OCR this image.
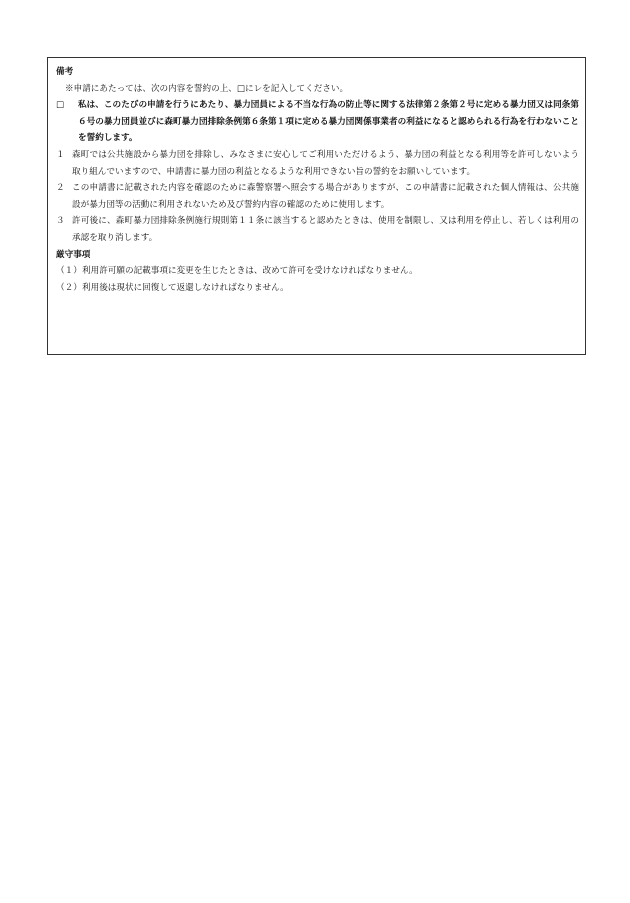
備考
※申請にあたっては、次の内容を誓約の上、□にレを記入してください。
□	私は、このたびの申請を行うにあたり、暴力団員による不当な行為の防止等に関する法律第２条第２号に定める暴力団又は同条第６号の暴力団員並びに森町暴力団排除条例第６条第１項に定める暴力団関係事業者の利益になると認められる行為を行わないことを誓約します。
１ 森町では公共施設から暴力団を排除し、みなさまに安心してご利用いただけるよう、暴力団の利益となる利用等を許可しないよう取り組んでいますので、申請書に暴力団の利益となるような利用できない旨の誓約をお願いしています。
２ この申請書に記載された内容を確認のために森警察署へ照会する場合がありますが、この申請書に記載された個人情報は、公共施設が暴力団等の活動に利用されないため及び誓約内容の確認のために使用します。
３ 許可後に、森町暴力団排除条例施行規則第１１条に該当すると認めたときは、使用を制限し、又は利用を停止し、若しくは利用の承認を取り消します。
厳守事項
（１） 利用許可願の記載事項に変更を生じたときは、改めて許可を受けなければなりません。
（２） 利用後は現状に回復して返還しなければなりません。
